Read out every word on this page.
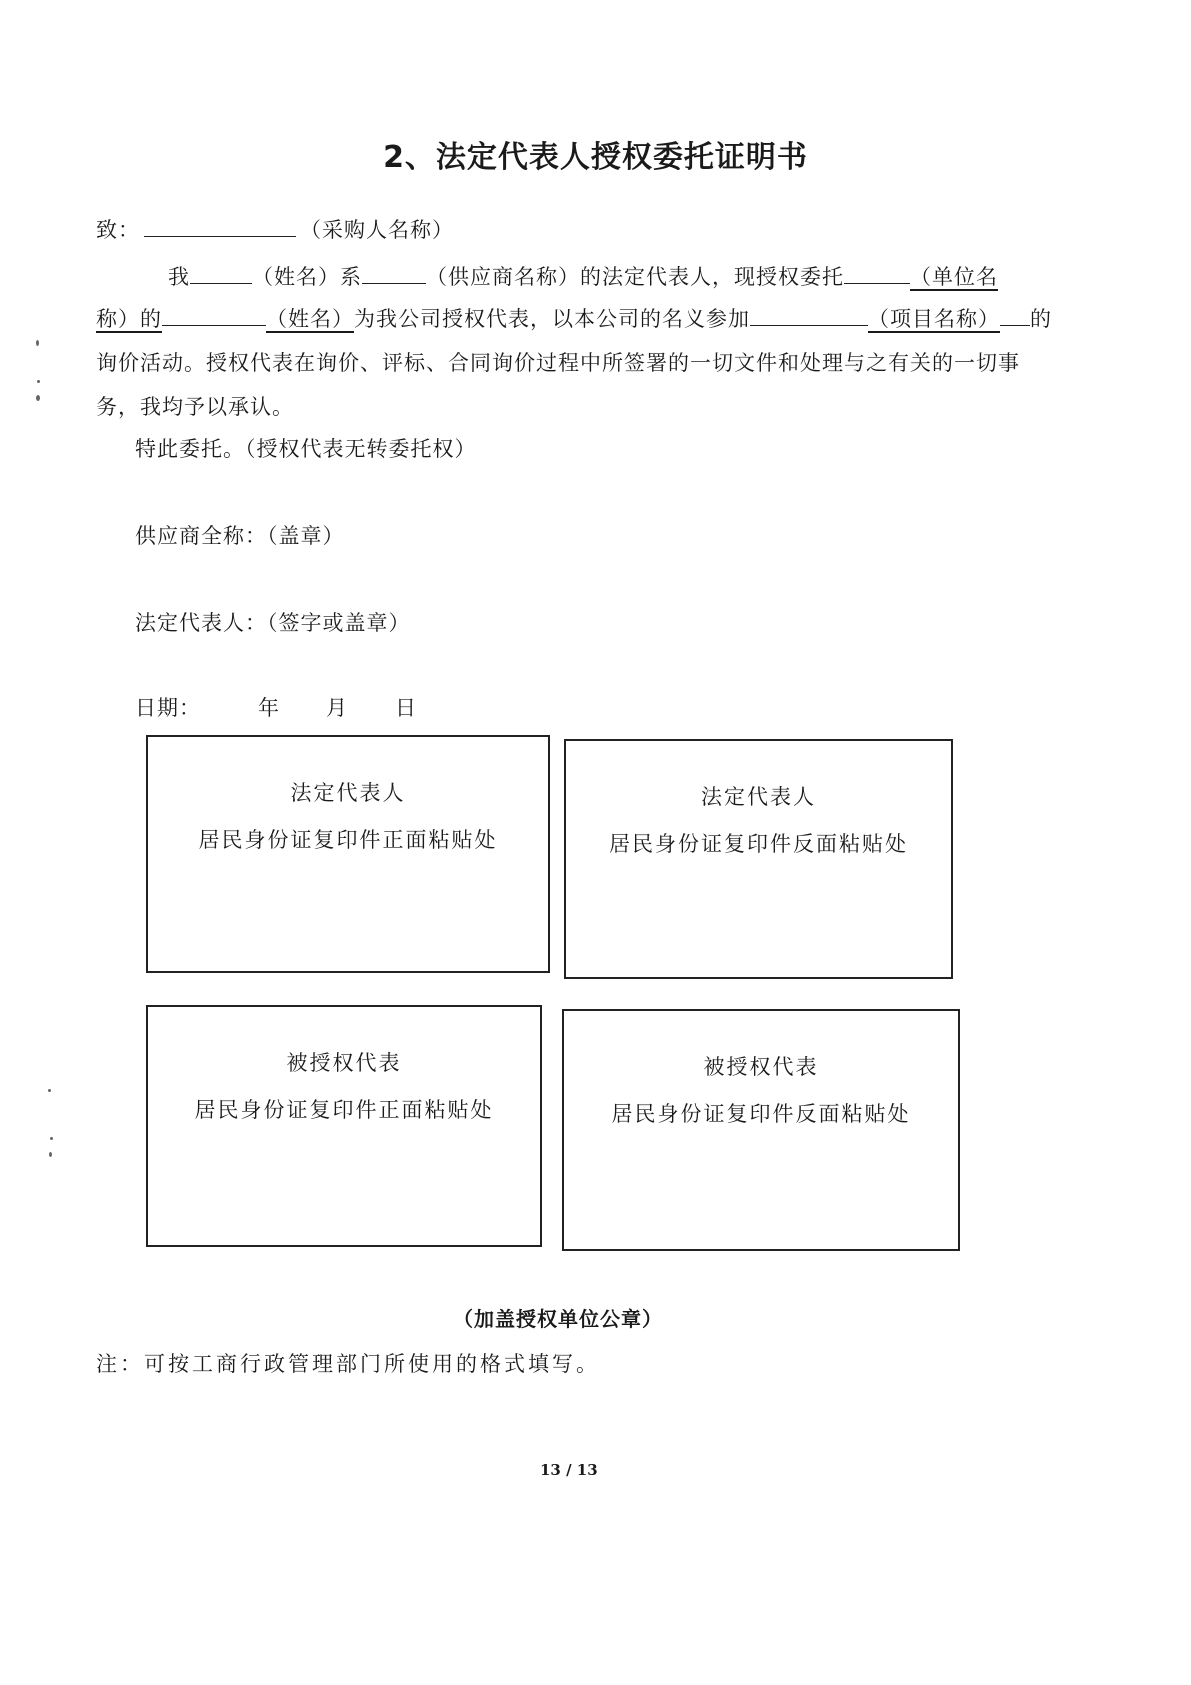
2、法定代表人授权委托证明书
致：	（采购人名称）
我	（姓名）系	（供应商名称）的法定代表人，现授权委托	（单位名
称）的	（姓名）为我公司授权代表，以本公司的名义参加	（项目名称） 的
询价活动。授权代表在询价、评标、合同询价过程中所签署的一切文件和处理与之有关的一切事
务，我均予以承认。
特此委托。（授权代表无转委托权）
供应商全称：（盖章）
法定代表人：（签字或盖章）
日期：	年 月 日
法定代表人
居民身份证复印件正面粘贴处
法定代表人
居民身份证复印件反面粘贴处
被授权代表
居民身份证复印件正面粘贴处
被授权代表
居民身份证复印件反面粘贴处
（加盖授权单位公章）
注：可按工商行政管理部门所使用的格式填写。
13 / 13
